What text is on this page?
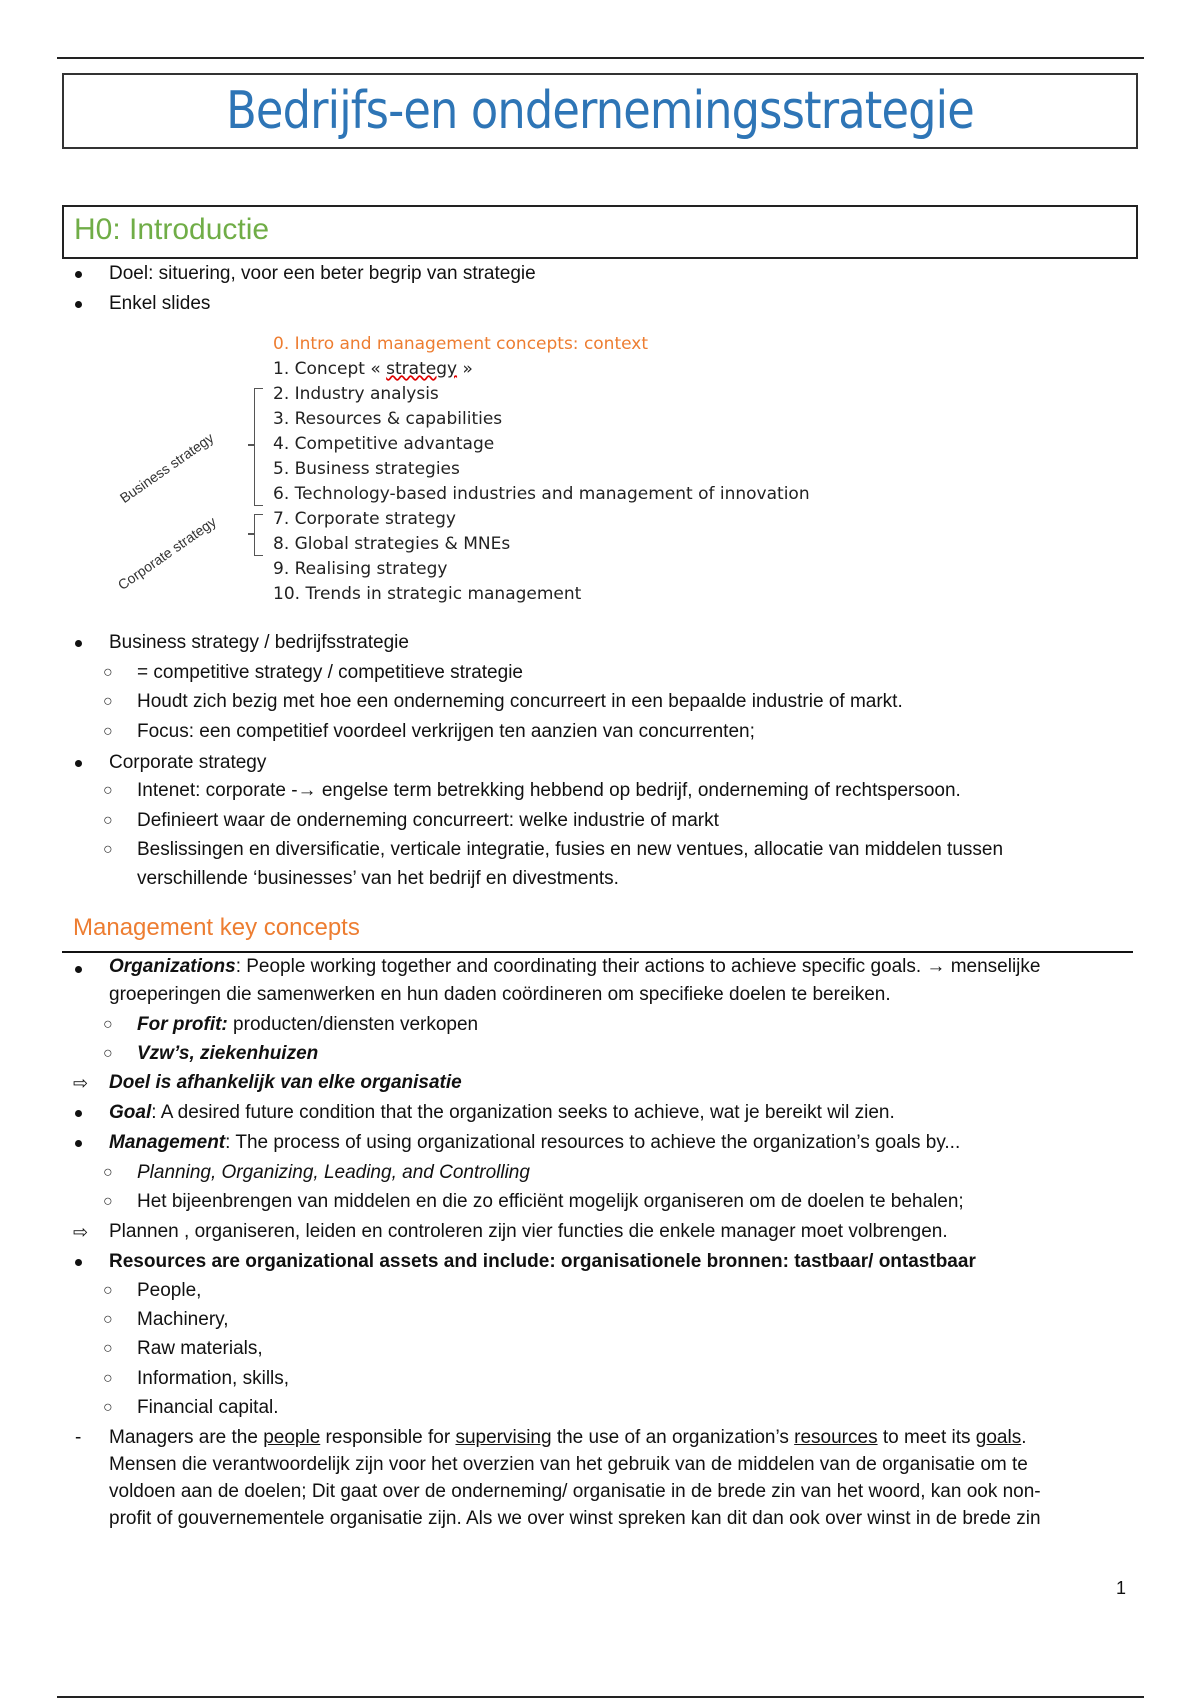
Bedrijfs-en ondernemingsstrategie
H0: Introductie
Doel: situering, voor een beter begrip van strategie
Enkel slides
0. Intro and management concepts: context
1. Concept « strategy »
2. Industry analysis
3. Resources & capabilities
4. Competitive advantage
5. Business strategies
6. Technology-based industries and management of innovation
7. Corporate strategy
8. Global strategies & MNEs
9. Realising strategy
10. Trends in strategic management
Business strategy
Corporate strategy
Business strategy / bedrijfsstrategie
○ = competitive strategy / competitieve strategie
○ Houdt zich bezig met hoe een onderneming concurreert in een bepaalde industrie of markt.
○ Focus: een competitief voordeel verkrijgen ten aanzien van concurrenten;
Corporate strategy
○ Intenet: corporate -→ engelse term betrekking hebbend op bedrijf, onderneming of rechtspersoon.
○ Definieert waar de onderneming concurreert: welke industrie of markt
○ Beslissingen en diversificatie, verticale integratie, fusies en new ventues, allocatie van middelen tussen
verschillende ‘businesses’ van het bedrijf en divestments.
Management key concepts
Organizations: People working together and coordinating their actions to achieve specific goals. → menselijke
groeperingen die samenwerken en hun daden coördineren om specifieke doelen te bereiken.
○ For profit: producten/diensten verkopen
○ Vzw’s, ziekenhuizen
⇨ Doel is afhankelijk van elke organisatie
Goal: A desired future condition that the organization seeks to achieve, wat je bereikt wil zien.
Management: The process of using organizational resources to achieve the organization’s goals by...
○ Planning, Organizing, Leading, and Controlling
○ Het bijeenbrengen van middelen en die zo efficiënt mogelijk organiseren om de doelen te behalen;
⇨ Plannen , organiseren, leiden en controleren zijn vier functies die enkele manager moet volbrengen.
Resources are organizational assets and include: organisationele bronnen: tastbaar/ ontastbaar
○ People,
○ Machinery,
○ Raw materials,
○ Information, skills,
○ Financial capital.
- Managers are the people responsible for supervising the use of an organization’s resources to meet its goals.
Mensen die verantwoordelijk zijn voor het overzien van het gebruik van de middelen van de organisatie om te
voldoen aan de doelen; Dit gaat over de onderneming/ organisatie in de brede zin van het woord, kan ook non-
profit of gouvernementele organisatie zijn. Als we over winst spreken kan dit dan ook over winst in de brede zin
1
